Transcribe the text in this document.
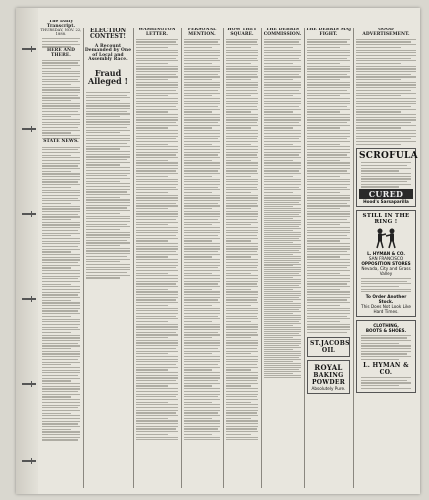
The Daily Transcript.
THURSDAY, NOV. 22, 1888.
HERE AND THERE.
STATE NEWS.
ELECTION CONTEST!
A Recount Demanded by One of Local and Assembly Race.
Fraud Alleged !
WASHINGTON LETTER.
PERSONAL MENTION.
HOW THEY SQUARE.
THE DEBRIS COMMISSION.
THE DEBRIS MAJ FIGHT.
ST.JACOBS OIL
ROYAL
BAKING
POWDER
Absolutely Pure.
GOOD ADVERTISEMENT.
SCROFULA
CURED
Hood's Sarsaparilla
STILL IN THE RING !
L. HYMAN & CO.
SAN FRANCISCO
OPPOSITION STORES
Nevada, City and Grass Valley
To Order Another Stock.
This Does Not Look Like Hard Times.
CLOTHING,
BOOTS & SHOES.
L. HYMAN & CO.
